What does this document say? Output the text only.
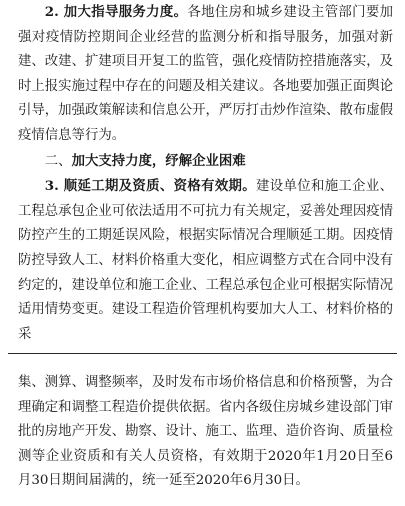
2. 加大指导服务力度。各地住房和城乡建设主管部门要加强对疫情防控期间企业经营的监测分析和指导服务，加强对新建、改建、扩建项目开复工的监管，强化疫情防控措施落实，及时上报实施过程中存在的问题及相关建议。各地要加强正面舆论引导，加强政策解读和信息公开，严厉打击炒作渲染、散布虚假疫情信息等行为。

二、加大支持力度，纾解企业困难

3. 顺延工期及资质、资格有效期。建设单位和施工企业、工程总承包企业可依法适用不可抗力有关规定，妥善处理因疫情防控产生的工期延误风险，根据实际情况合理顺延工期。因疫情防控导致人工、材料价格重大变化，相应调整方式在合同中没有约定的，建设单位和施工企业、工程总承包企业可根据实际情况适用情势变更。建设工程造价管理机构要加大人工、材料价格的采

集、测算、调整频率，及时发布市场价格信息和价格预警，为合理确定和调整工程造价提供依据。省内各级住房城乡建设部门审批的房地产开发、勘察、设计、施工、监理、造价咨询、质量检测等企业资质和有关人员资格，有效期于2020年1月20日至6月30日期间届满的，统一延至2020年6月30日。
